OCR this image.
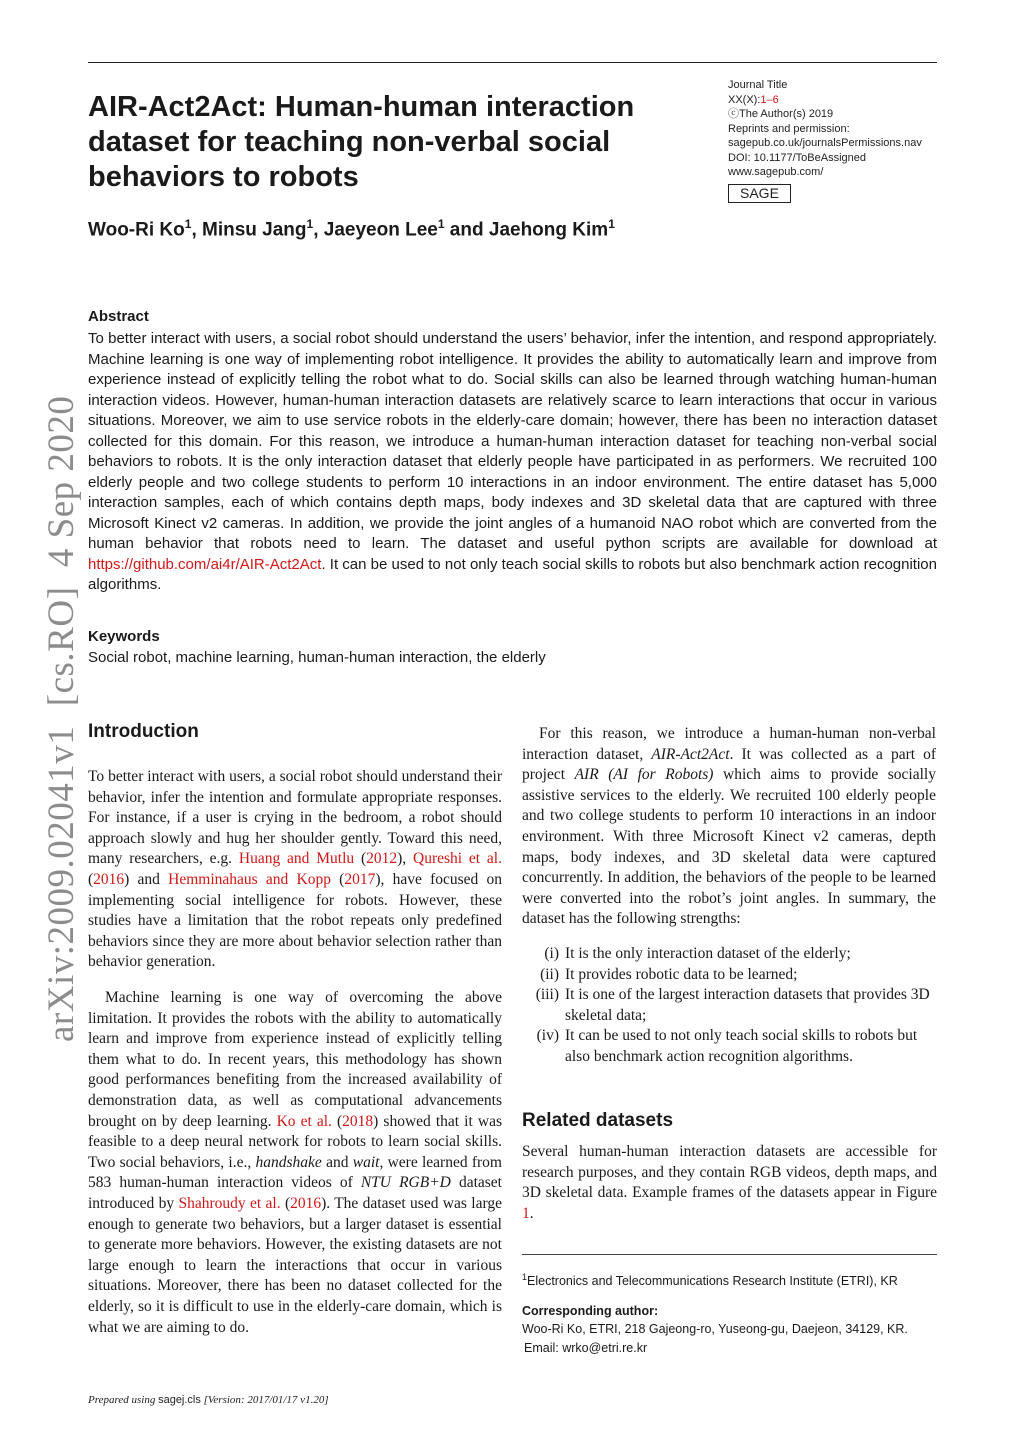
AIR-Act2Act: Human-human interaction dataset for teaching non-verbal social behaviors to robots
Woo-Ri Ko$^1$, Minsu Jang$^1$, Jaeyeon Lee$^1$ and Jaehong Kim$^1$
Journal Title
XX(X):1–6
ⓒThe Author(s) 2019
Reprints and permission:
sagepub.co.uk/journalsPermissions.nav
DOI: 10.1177/ToBeAssigned
www.sagepub.com/
SAGE
Abstract
To better interact with users, a social robot should understand the users’ behavior, infer the intention, and respond appropriately. Machine learning is one way of implementing robot intelligence. It provides the ability to automatically learn and improve from experience instead of explicitly telling the robot what to do. Social skills can also be learned through watching human-human interaction videos. However, human-human interaction datasets are relatively scarce to learn interactions that occur in various situations. Moreover, we aim to use service robots in the elderly-care domain; however, there has been no interaction dataset collected for this domain. For this reason, we introduce a human-human interaction dataset for teaching non-verbal social behaviors to robots. It is the only interaction dataset that elderly people have participated in as performers. We recruited 100 elderly people and two college students to perform 10 interactions in an indoor environment. The entire dataset has 5,000 interaction samples, each of which contains depth maps, body indexes and 3D skeletal data that are captured with three Microsoft Kinect v2 cameras. In addition, we provide the joint angles of a humanoid NAO robot which are converted from the human behavior that robots need to learn. The dataset and useful python scripts are available for download at https://github.com/ai4r/AIR-Act2Act. It can be used to not only teach social skills to robots but also benchmark action recognition algorithms.
Keywords
Social robot, machine learning, human-human interaction, the elderly
arXiv:2009.02041v1  [cs.RO]  4 Sep 2020 Introduction

To better interact with users, a social robot should understand their behavior, infer the intention and formulate appropriate responses. For instance, if a user is crying in the bedroom, a robot should approach slowly and hug her shoulder gently. Toward this need, many researchers, e.g. Huang and Mutlu (2012), Qureshi et al. (2016) and Hemminahaus and Kopp (2017), have focused on implementing social intelligence for robots. However, these studies have a limitation that the robot repeats only predefined behaviors since they are more about behavior selection rather than behavior generation.

Machine learning is one way of overcoming the above limitation. It provides the robots with the ability to automatically learn and improve from experience instead of explicitly telling them what to do. In recent years, this methodology has shown good performances benefiting from the increased availability of demonstration data, as well as computational advancements brought on by deep learning. Ko et al. (2018) showed that it was feasible to a deep neural network for robots to learn social skills. Two social behaviors, i.e., handshake and wait, were learned from 583 human-human interaction videos of NTU RGB+D dataset introduced by Shahroudy et al. (2016). The dataset used was large enough to generate two behaviors, but a larger dataset is essential to generate more behaviors. However, the existing datasets are not large enough to learn the interactions that occur in various situations. Moreover, there has been no dataset collected for the elderly, so it is difficult to use in the elderly-care domain, which is what we are aiming to do.

For this reason, we introduce a human-human non-verbal interaction dataset, AIR-Act2Act. It was collected as a part of project AIR (AI for Robots) which aims to provide socially assistive services to the elderly. We recruited 100 elderly people and two college students to perform 10 interactions in an indoor environment. With three Microsoft Kinect v2 cameras, depth maps, body indexes, and 3D skeletal data were captured concurrently. In addition, the behaviors of the people to be learned were converted into the robot’s joint angles. In summary, the dataset has the following strengths:

(i) It is the only interaction dataset of the elderly;
(ii) It provides robotic data to be learned;
(iii) It is one of the largest interaction datasets that provides 3D skeletal data;
(iv) It can be used to not only teach social skills to robots but also benchmark action recognition algorithms.
Related datasets

Several human-human interaction datasets are accessible for research purposes, and they contain RGB videos, depth maps, and 3D skeletal data. Example frames of the datasets appear in Figure 1.

$^1$Electronics and Telecommunications Research Institute (ETRI), KR
Corresponding author:
Woo-Ri Ko, ETRI, 218 Gajeong-ro, Yuseong-gu, Daejeon, 34129, KR.
Email: wrko@etri.re.kr
Prepared using sagej.cls [Version: 2017/01/17 v1.20]
